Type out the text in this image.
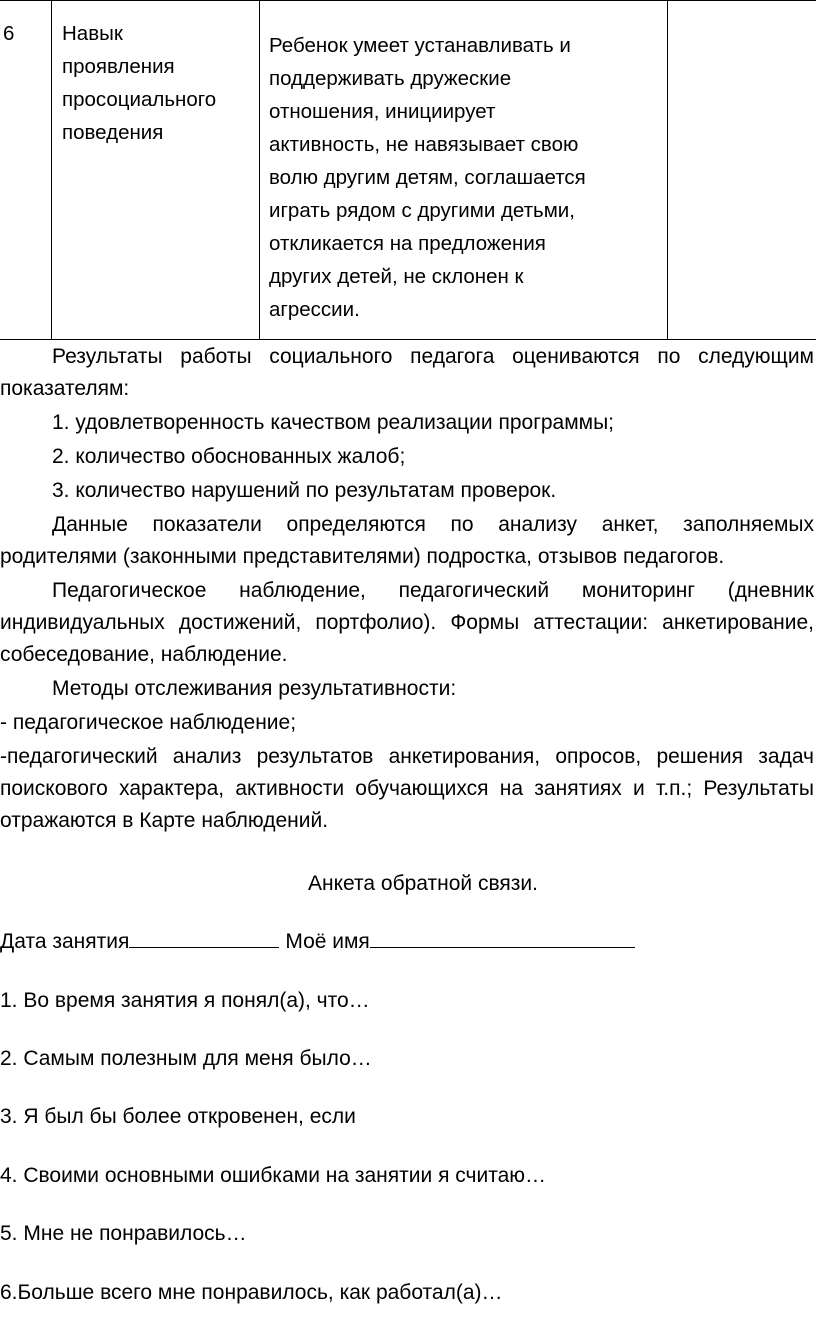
6	Навык
проявления
просоциального
поведения
Ребенок умеет устанавливать и
поддерживать дружеские
отношения, инициирует
активность, не навязывает свою
волю другим детям, соглашается
играть рядом с другими детьми,
откликается на предложения
других детей, не склонен к
агрессии.
Результаты работы социального педагога оцениваются по следующим показателям:
1. удовлетворенность качеством реализации программы;
2. количество обоснованных жалоб;
3. количество нарушений по результатам проверок.
Данные показатели определяются по анализу анкет, заполняемых родителями (законными представителями) подростка, отзывов педагогов.
Педагогическое наблюдение, педагогический мониторинг (дневник индивидуальных достижений, портфолио). Формы аттестации: анкетирование, собеседование, наблюдение.
Методы отслеживания результативности:
- педагогическое наблюдение;
-педагогический анализ результатов анкетирования, опросов, решения задач поискового характера, активности обучающихся на занятиях и т.п.; Результаты отражаются в Карте наблюдений.
Анкета обратной связи.
Дата занятия	Моё имя
1. Во время занятия я понял(а), что…
2. Самым полезным для меня было…
3. Я был бы более откровенен, если
4. Своими основными ошибками на занятии я считаю…
5. Мне не понравилось…
6.Больше всего мне понравилось, как работал(а)…
